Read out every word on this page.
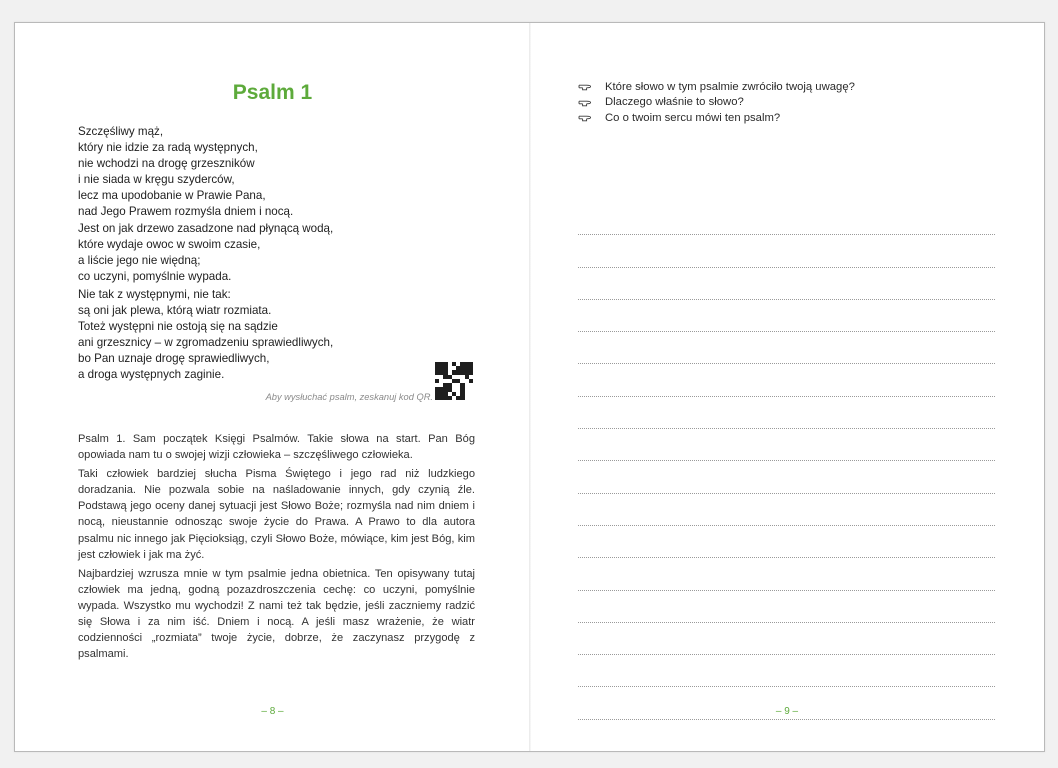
Psalm 1
Szczęśliwy mąż,
który nie idzie za radą występnych,
nie wchodzi na drogę grzeszników
i nie siada w kręgu szyderców,
lecz ma upodobanie w Prawie Pana,
nad Jego Prawem rozmyśla dniem i nocą.
Jest on jak drzewo zasadzone nad płynącą wodą,
które wydaje owoc w swoim czasie,
a liście jego nie więdną;
co uczyni, pomyślnie wypada.
Nie tak z występnymi, nie tak:
są oni jak plewa, którą wiatr rozmiata.
Toteż występni nie ostoją się na sądzie
ani grzesznicy – w zgromadzeniu sprawiedliwych,
bo Pan uznaje drogę sprawiedliwych,
a droga występnych zaginie.

Aby wysłuchać psalm, zeskanuj kod QR.

Psalm 1. Sam początek Księgi Psalmów. Takie słowa na start. Pan Bóg opowiada nam tu o swojej wizji człowieka – szczęśliwego człowieka.

Taki człowiek bardziej słucha Pisma Świętego i jego rad niż ludzkiego doradzania. Nie pozwala sobie na naśladowanie innych, gdy czynią źle. Podstawą jego oceny danej sytuacji jest Słowo Boże; rozmyśla nad nim dniem i nocą, nieustannie odnosząc swoje życie do Prawa. A Prawo to dla autora psalmu nic innego jak Pięcioksiąg, czyli Słowo Boże, mówiące, kim jest Bóg, kim jest człowiek i jak ma żyć.

Najbardziej wzrusza mnie w tym psalmie jedna obietnica. Ten opisywany tutaj człowiek ma jedną, godną pozazdroszczenia cechę: co uczyni, pomyślnie wypada. Wszystko mu wychodzi! Z nami też tak będzie, jeśli zaczniemy radzić się Słowa i za nim iść. Dniem i nocą. A jeśli masz wrażenie, że wiatr codzienności „rozmiata” twoje życie, dobrze, że zaczynasz przygodę z psalmami.

– 8 –

Które słowo w tym psalmie zwróciło twoją uwagę?
Dlaczego właśnie to słowo?
Co o twoim sercu mówi ten psalm?

– 9 –
